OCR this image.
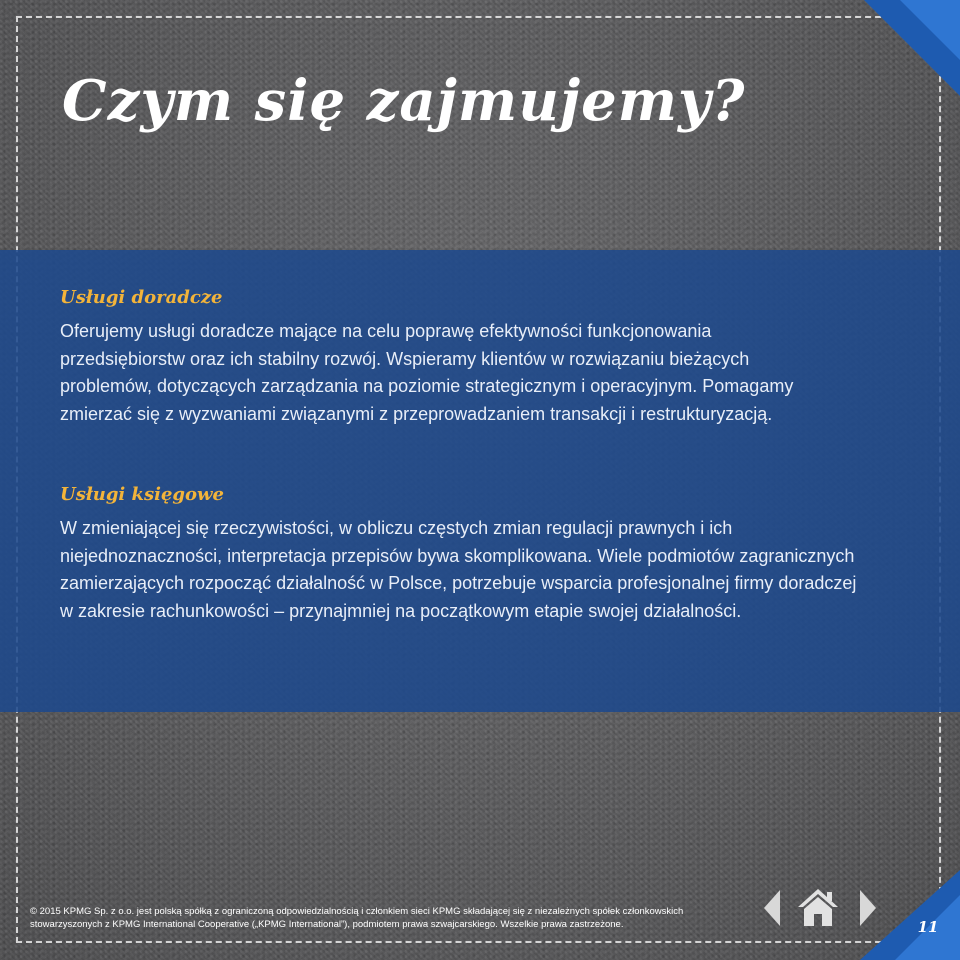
Czym się zajmujemy?
Usługi doradcze

Oferujemy usługi doradcze mające na celu poprawę efektywności funkcjonowania przedsiębiorstw oraz ich stabilny rozwój. Wspieramy klientów w rozwiązaniu bieżących problemów, dotyczących zarządzania na poziomie strategicznym i operacyjnym. Pomagamy zmierzać się z wyzwaniami związanymi z przeprowadzaniem transakcji i restrukturyzacją.

Usługi księgowe

W zmieniającej się rzeczywistości, w obliczu częstych zmian regulacji prawnych i ich niejednoznaczności, interpretacja przepisów bywa skomplikowana. Wiele podmiotów zagranicznych zamierzających rozpocząć działalność w Polsce, potrzebuje wsparcia profesjonalnej firmy doradczej w zakresie rachunkowości – przynajmniej na początkowym etapie swojej działalności.

© 2015 KPMG Sp. z o.o. jest polską spółką z ograniczoną odpowiedzialnością i członkiem sieci KPMG składającej się z niezależnych spółek członkowskich stowarzyszonych z KPMG International Cooperative („KPMG International”), podmiotem prawa szwajcarskiego. Wszelkie prawa zastrzeżone.	11
